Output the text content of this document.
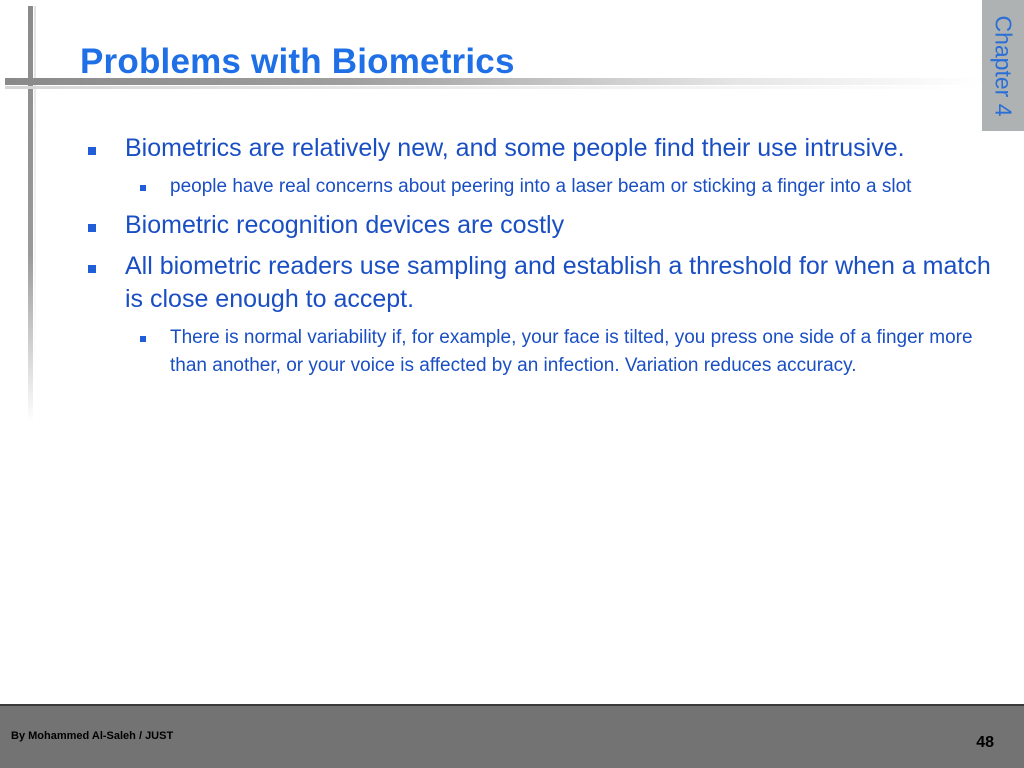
Problems with Biometrics	Chapter 4
Biometrics are relatively new, and some people find their use intrusive.
people have real concerns about peering into a laser beam or sticking a finger into a slot
Biometric recognition devices are costly
All biometric readers use sampling and establish a threshold for when a match is close enough to accept.
There is normal variability if, for example, your face is tilted, you press one side of a finger more than another, or your voice is affected by an infection. Variation reduces accuracy.
By Mohammed Al-Saleh / JUST	48
